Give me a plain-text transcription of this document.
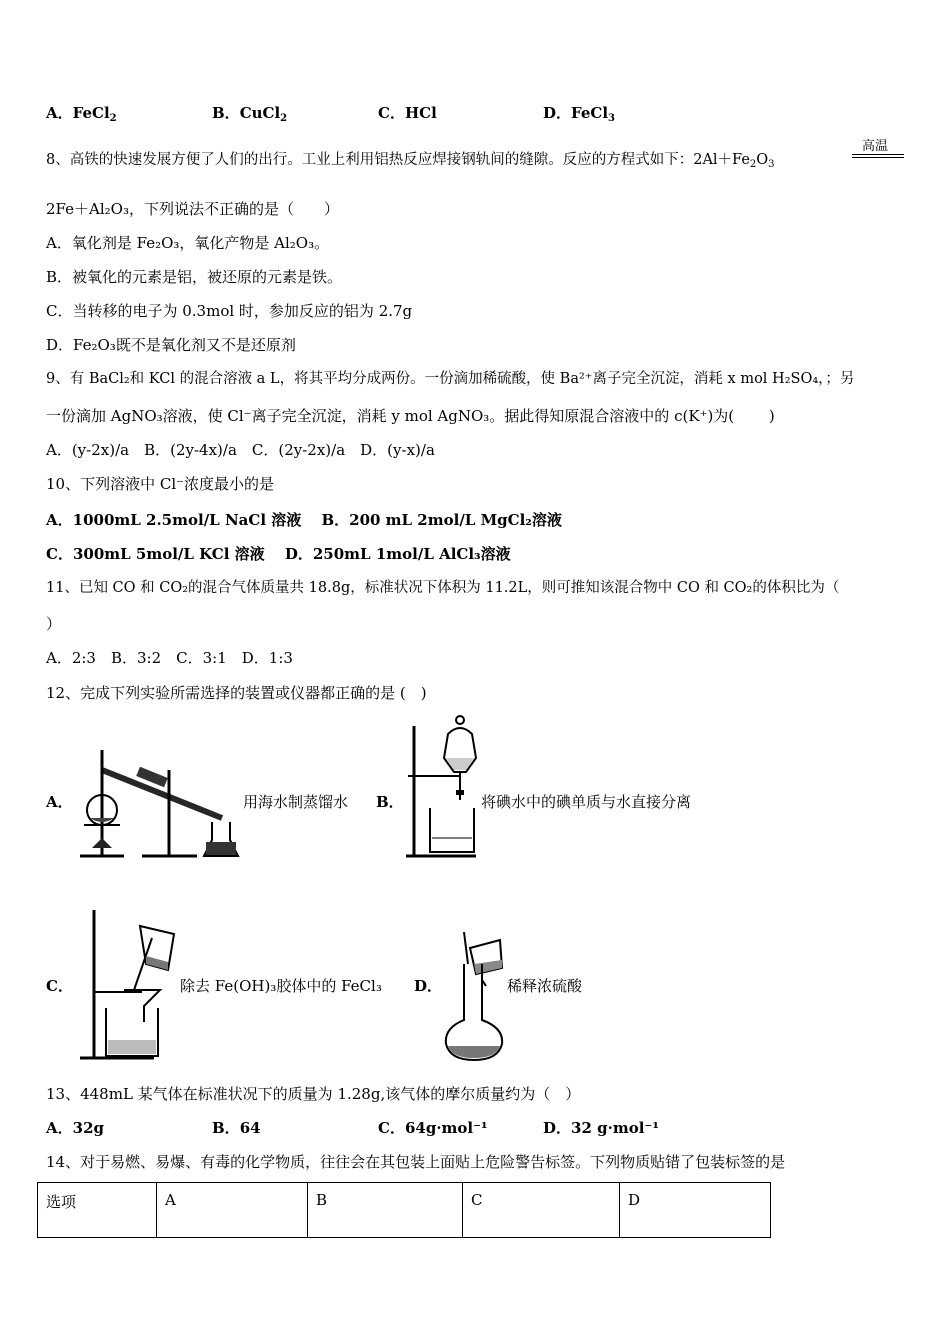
A．FeCl$_2$	B．CuCl$_2$	C．HCl	D．FeCl$_3$
8、高铁的快速发展方便了人们的出行。工业上利用铝热反应焊接钢轨间的缝隙。反应的方程式如下：$2Al+Fe_2O_3$
高温
2Fe＋Al₂O₃，下列说法不正确的是（　　）
A．氧化剂是 Fe₂O₃，氧化产物是 Al₂O₃。
B．被氧化的元素是铝，被还原的元素是铁。
C．当转移的电子为 0.3mol 时，参加反应的铝为 2.7g
D．Fe₂O₃既不是氧化剂又不是还原剂
9、有 BaCl₂和 KCl 的混合溶液 a L，将其平均分成两份。一份滴加稀硫酸，使 Ba²⁺离子完全沉淀，消耗 x mol H₂SO₄，；另
一份滴加 AgNO₃溶液，使 Cl⁻离子完全沉淀，消耗 y mol AgNO₃。据此得知原混合溶液中的 c(K⁺)为(　　 )
A．(y-2x)/a　B．(2y-4x)/a　C．(2y-2x)/a　D．(y-x)/a
10、下列溶液中 Cl⁻浓度最小的是
A．1000mL 2.5mol/L NaCl 溶液　 B．200 mL 2mol/L MgCl₂溶液
C．300mL 5mol/L KCl 溶液　 D．250mL 1mol/L AlCl₃溶液
11、已知 CO 和 CO₂的混合气体质量共 18.8g，标准状况下体积为 11.2L，则可推知该混合物中 CO 和 CO₂的体积比为（
）
A．2:3　B．3:2　C．3:1　D．1:3
12、完成下列实验所需选择的装置或仪器都正确的是 (　)
A．	用海水制蒸馏水 B．	将碘水中的碘单质与水直接分离
C．	除去 Fe(OH)₃胶体中的 FeCl₃ D．	稀释浓硫酸
13、448mL 某气体在标准状况下的质量为 1.28g,该气体的摩尔质量约为（　）
A．32g	B．64	C．64g·mol⁻¹	D．32 g·mol⁻¹
14、对于易燃、易爆、有毒的化学物质，往往会在其包装上面贴上危险警告标签。下列物质贴错了包装标签的是
选项	A	B	C	D
